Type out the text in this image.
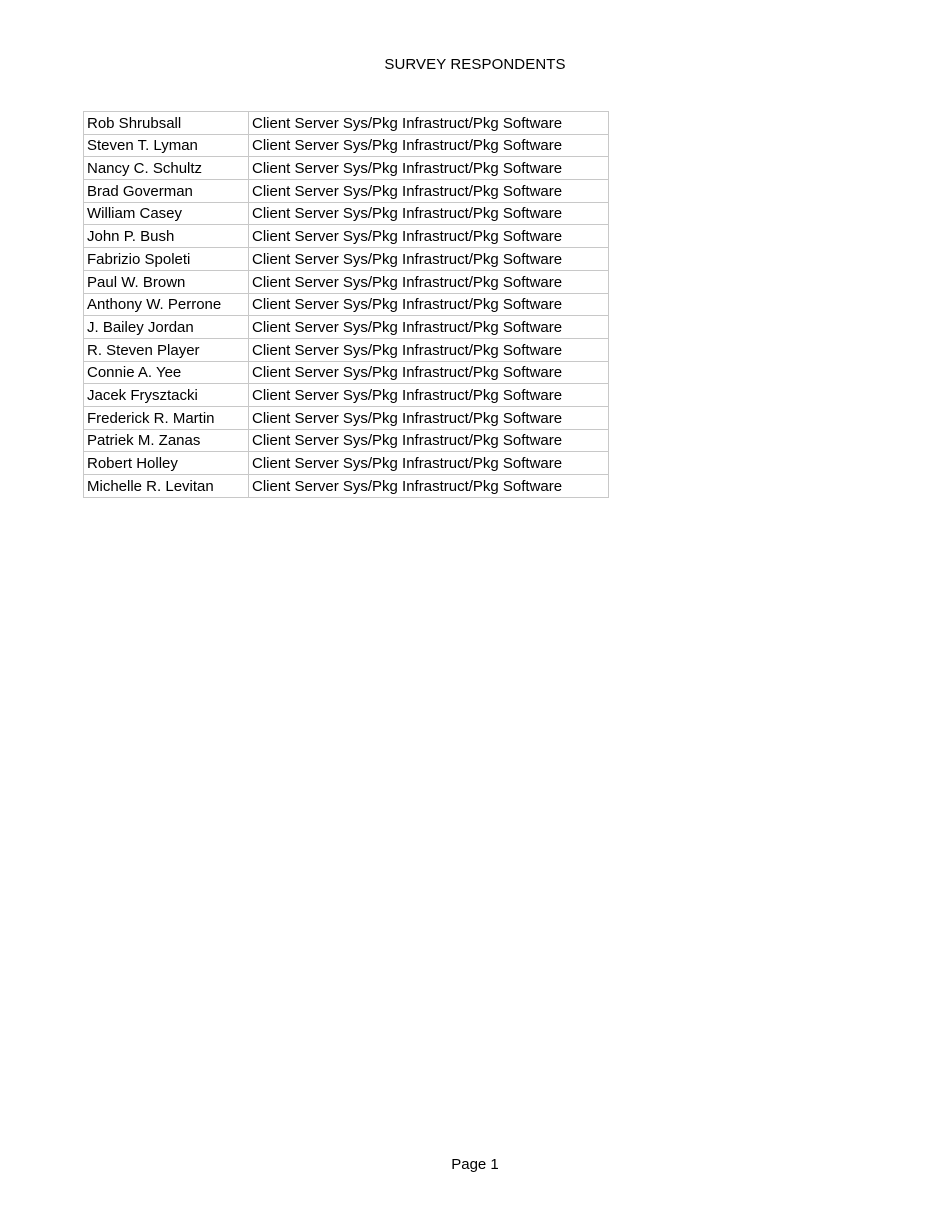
SURVEY RESPONDENTS
Rob Shrubsall	Client Server Sys/Pkg Infrastruct/Pkg Software
Steven T. Lyman	Client Server Sys/Pkg Infrastruct/Pkg Software
Nancy C. Schultz	Client Server Sys/Pkg Infrastruct/Pkg Software
Brad Goverman	Client Server Sys/Pkg Infrastruct/Pkg Software
William Casey	Client Server Sys/Pkg Infrastruct/Pkg Software
John P. Bush	Client Server Sys/Pkg Infrastruct/Pkg Software
Fabrizio Spoleti	Client Server Sys/Pkg Infrastruct/Pkg Software
Paul W. Brown	Client Server Sys/Pkg Infrastruct/Pkg Software
Anthony W. Perrone	Client Server Sys/Pkg Infrastruct/Pkg Software
J. Bailey Jordan	Client Server Sys/Pkg Infrastruct/Pkg Software
R. Steven Player	Client Server Sys/Pkg Infrastruct/Pkg Software
Connie A. Yee	Client Server Sys/Pkg Infrastruct/Pkg Software
Jacek Frysztacki	Client Server Sys/Pkg Infrastruct/Pkg Software
Frederick R. Martin	Client Server Sys/Pkg Infrastruct/Pkg Software
Patriek M. Zanas	Client Server Sys/Pkg Infrastruct/Pkg Software
Robert Holley	Client Server Sys/Pkg Infrastruct/Pkg Software
Michelle R. Levitan	Client Server Sys/Pkg Infrastruct/Pkg Software
Page 1
